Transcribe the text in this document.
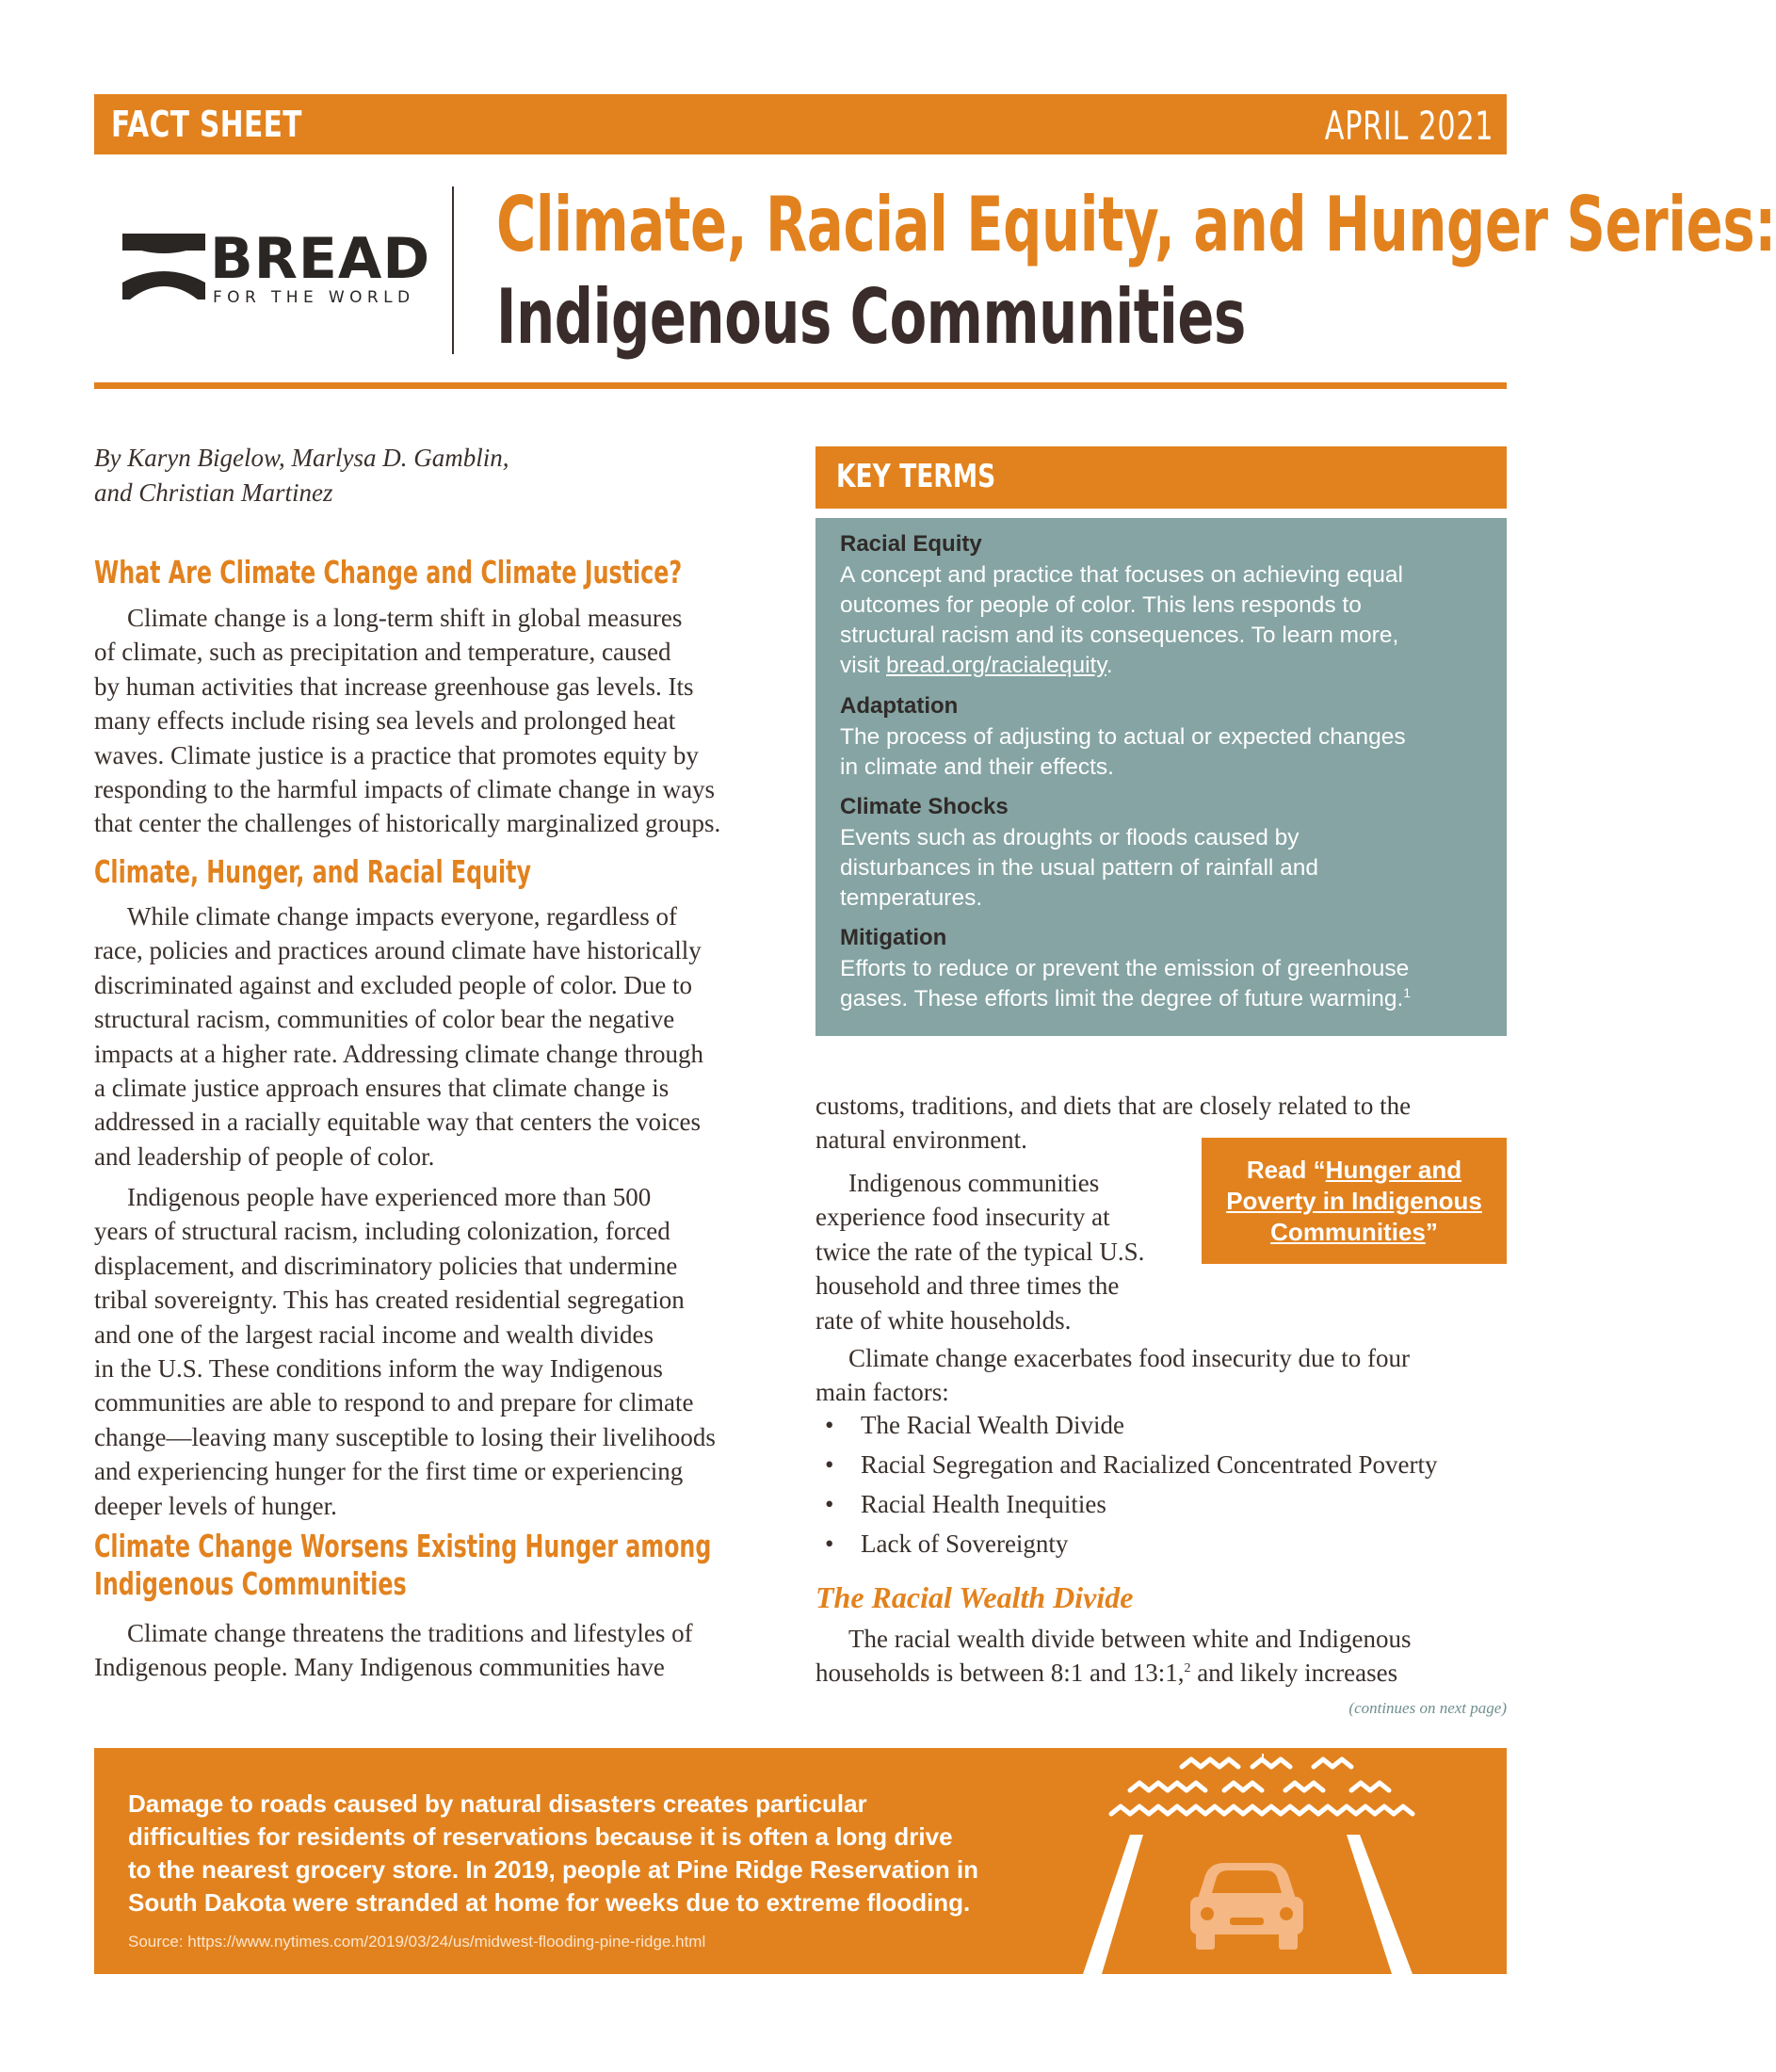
FACT SHEET	APRIL 2021
BREAD
FOR THE WORLD
Climate, Racial Equity, and Hunger Series:
Indigenous Communities
By Karyn Bigelow, Marlysa D. Gamblin,
and Christian Martinez
What Are Climate Change and Climate Justice?
Climate change is a long-term shift in global measures
of climate, such as precipitation and temperature, caused
by human activities that increase greenhouse gas levels. Its
many effects include rising sea levels and prolonged heat
waves. Climate justice is a practice that promotes equity by
responding to the harmful impacts of climate change in ways
that center the challenges of historically marginalized groups.
Climate, Hunger, and Racial Equity
While climate change impacts everyone, regardless of
race, policies and practices around climate have historically
discriminated against and excluded people of color. Due to
structural racism, communities of color bear the negative
impacts at a higher rate. Addressing climate change through
a climate justice approach ensures that climate change is
addressed in a racially equitable way that centers the voices
and leadership of people of color.
Indigenous people have experienced more than 500
years of structural racism, including colonization, forced
displacement, and discriminatory policies that undermine
tribal sovereignty. This has created residential segregation
and one of the largest racial income and wealth divides
in the U.S. These conditions inform the way Indigenous
communities are able to respond to and prepare for climate
change—leaving many susceptible to losing their livelihoods
and experiencing hunger for the first time or experiencing
deeper levels of hunger.
Climate Change Worsens Existing Hunger among
Indigenous Communities
Climate change threatens the traditions and lifestyles of
Indigenous people. Many Indigenous communities have
KEY TERMS
Racial Equity
A concept and practice that focuses on achieving equal
outcomes for people of color. This lens responds to
structural racism and its consequences. To learn more,
visit bread.org/racialequity.
Adaptation
The process of adjusting to actual or expected changes
in climate and their effects.
Climate Shocks
Events such as droughts or floods caused by
disturbances in the usual pattern of rainfall and
temperatures.
Mitigation
Efforts to reduce or prevent the emission of greenhouse
gases. These efforts limit the degree of future warming.$^1$
customs, traditions, and diets that are closely related to the
natural environment.
Indigenous communities
experience food insecurity at
twice the rate of the typical U.S.
household and three times the
rate of white households.
Read “Hunger and
Poverty in Indigenous
Communities”
Climate change exacerbates food insecurity due to four
main factors:
• The Racial Wealth Divide
• Racial Segregation and Racialized Concentrated Poverty
• Racial Health Inequities
• Lack of Sovereignty
The Racial Wealth Divide
The racial wealth divide between white and Indigenous
households is between 8:1 and 13:1,$^2$ and likely increases
(continues on next page)
Damage to roads caused by natural disasters creates particular
difficulties for residents of reservations because it is often a long drive
to the nearest grocery store. In 2019, people at Pine Ridge Reservation in
South Dakota were stranded at home for weeks due to extreme flooding.
Source: https://www.nytimes.com/2019/03/24/us/midwest-flooding-pine-ridge.html
